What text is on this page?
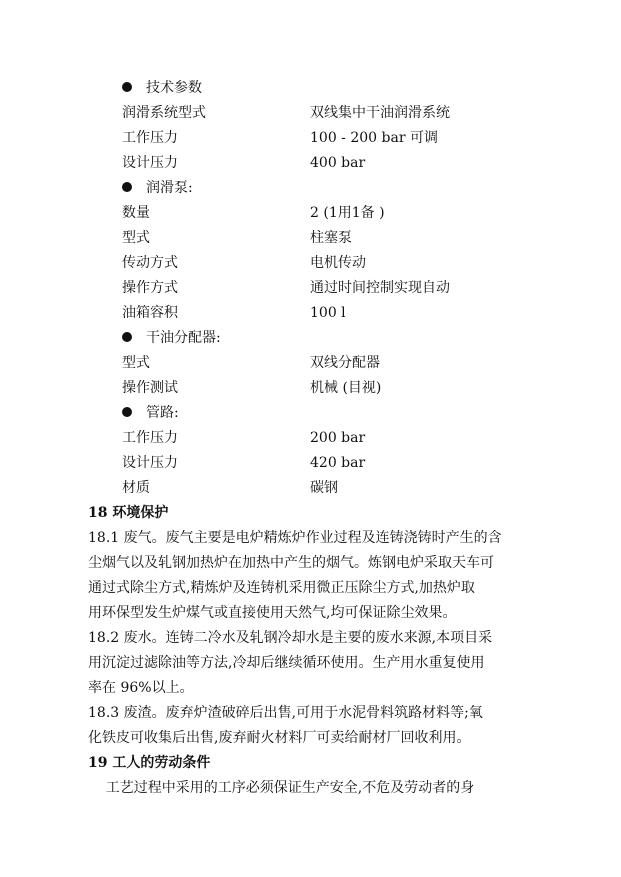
技术参数
润滑系统型式	双线集中干油润滑系统
工作压力	100 - 200 bar 可调
设计压力	400 bar
润滑泵:
数量	2 (1用1备 )
型式	柱塞泵
传动方式	电机传动
操作方式	通过时间控制实现自动
油箱容积	100 l
干油分配器:
型式	双线分配器
操作测试	机械 (目视)
管路:
工作压力	200 bar
设计压力	420 bar
材质	碳钢
18 环境保护
18.1 废气。废气主要是电炉精炼炉作业过程及连铸浇铸时产生的含
尘烟气以及轧钢加热炉在加热中产生的烟气。炼钢电炉采取天车可
通过式除尘方式,精炼炉及连铸机采用微正压除尘方式,加热炉取
用环保型发生炉煤气或直接使用天然气,均可保证除尘效果。
18.2 废水。连铸二冷水及轧钢冷却水是主要的废水来源,本项目采
用沉淀过滤除油等方法,冷却后继续循环使用。生产用水重复使用
率在 96%以上。
18.3 废渣。废弃炉渣破碎后出售,可用于水泥骨料筑路材料等;氧
化铁皮可收集后出售,废弃耐火材料厂可卖给耐材厂回收利用。
19 工人的劳动条件
工艺过程中采用的工序必须保证生产安全,不危及劳动者的身
